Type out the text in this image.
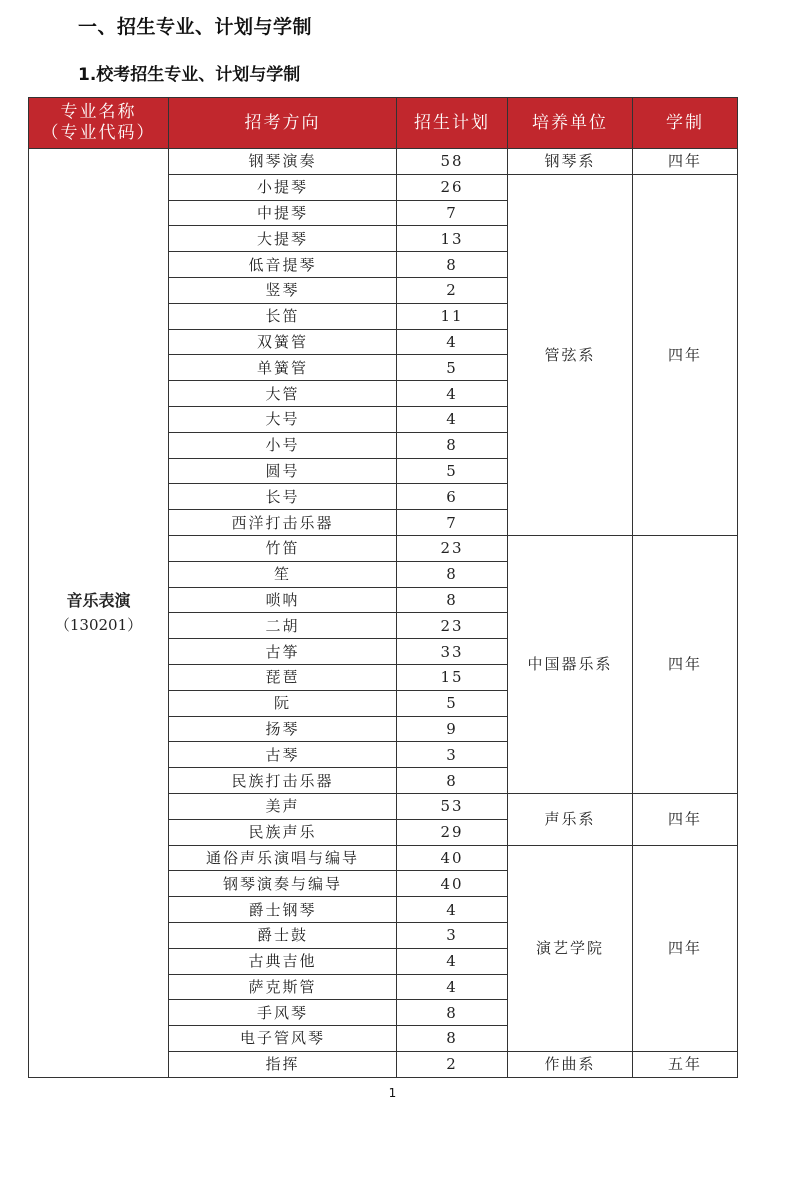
一、招生专业、计划与学制
1.校考招生专业、计划与学制
专业名称
（专业代码）	招考方向	招生计划	培养单位	学制

音乐表演
（130201）	钢琴演奏	58	钢琴系	四年
	小提琴	26	管弦系	四年
	中提琴	7		
	大提琴	13		
	低音提琴	8		
	竖琴	2		
	长笛	11		
	双簧管	4		
	单簧管	5		
	大管	4		
	大号	4		
	小号	8		
	圆号	5		
	长号	6		
	西洋打击乐器	7		
	竹笛	23	中国器乐系	四年
	笙	8		
	唢呐	8		
	二胡	23		
	古筝	33		
	琵琶	15		
	阮	5		
	扬琴	9		
	古琴	3		
	民族打击乐器	8		
	美声	53	声乐系	四年
	民族声乐	29		
	通俗声乐演唱与编导	40	演艺学院	四年
	钢琴演奏与编导	40		
	爵士钢琴	4		
	爵士鼓	3		
	古典吉他	4		
	萨克斯管	4		
	手风琴	8		
	电子管风琴	8		
	指挥	2	作曲系	五年
1
